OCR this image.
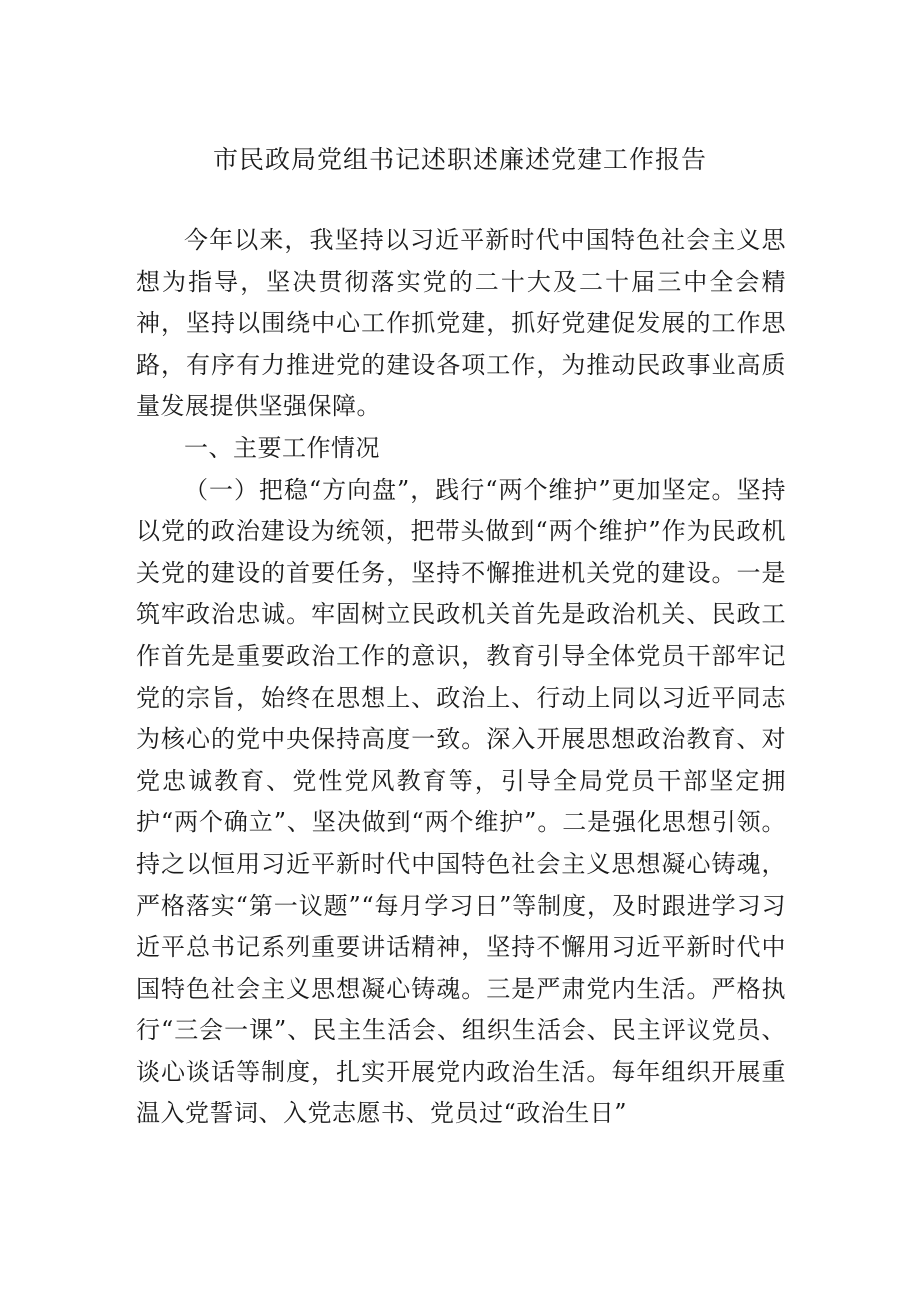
市民政局党组书记述职述廉述党建工作报告

今年以来，我坚持以习近平新时代中国特色社会主义思想为指导，坚决贯彻落实党的二十大及二十届三中全会精神，坚持以围绕中心工作抓党建，抓好党建促发展的工作思路，有序有力推进党的建设各项工作，为推动民政事业高质量发展提供坚强保障。

一、主要工作情况

（一）把稳“方向盘”，践行“两个维护”更加坚定。坚持以党的政治建设为统领，把带头做到“两个维护”作为民政机关党的建设的首要任务，坚持不懈推进机关党的建设。一是筑牢政治忠诚。牢固树立民政机关首先是政治机关、民政工作首先是重要政治工作的意识，教育引导全体党员干部牢记党的宗旨，始终在思想上、政治上、行动上同以习近平同志为核心的党中央保持高度一致。深入开展思想政治教育、对党忠诚教育、党性党风教育等，引导全局党员干部坚定拥护“两个确立”、坚决做到“两个维护”。二是强化思想引领。持之以恒用习近平新时代中国特色社会主义思想凝心铸魂，严格落实“第一议题”“每月学习日”等制度，及时跟进学习习近平总书记系列重要讲话精神，坚持不懈用习近平新时代中国特色社会主义思想凝心铸魂。三是严肃党内生活。严格执行“三会一课”、民主生活会、组织生活会、民主评议党员、谈心谈话等制度，扎实开展党内政治生活。每年组织开展重温入党誓词、入党志愿书、党员过“政治生日”
